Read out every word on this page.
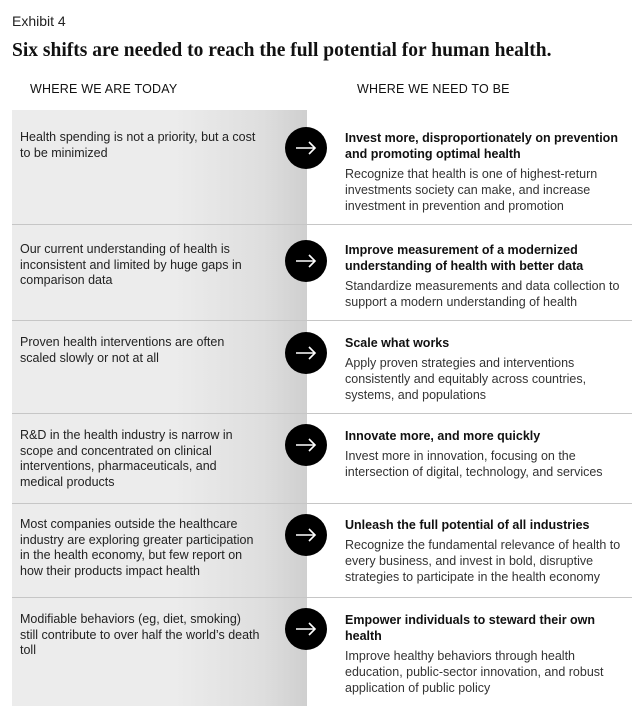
Exhibit 4
Six shifts are needed to reach the full potential for human health.
WHERE WE ARE TODAY	WHERE WE NEED TO BE
Health spending is not a priority, but a cost to be minimized
Invest more, disproportionately on prevention and promoting optimal health
Recognize that health is one of highest-return investments society can make, and increase investment in prevention and promotion
Our current understanding of health is inconsistent and limited by huge gaps in comparison data
Improve measurement of a modernized understanding of health with better data
Standardize measurements and data collection to support a modern understanding of health
Proven health interventions are often scaled slowly or not at all
Scale what works
Apply proven strategies and interventions consistently and equitably across countries, systems, and populations
R&D in the health industry is narrow in scope and concentrated on clinical interventions, pharmaceuticals, and medical products
Innovate more, and more quickly
Invest more in innovation, focusing on the intersection of digital, technology, and services
Most companies outside the healthcare industry are exploring greater participation in the health economy, but few report on how their products impact health
Unleash the full potential of all industries
Recognize the fundamental relevance of health to every business, and invest in bold, disruptive strategies to participate in the health economy
Modifiable behaviors (eg, diet, smoking) still contribute to over half the world’s death toll
Empower individuals to steward their own health
Improve healthy behaviors through health education, public-sector innovation, and robust application of public policy
